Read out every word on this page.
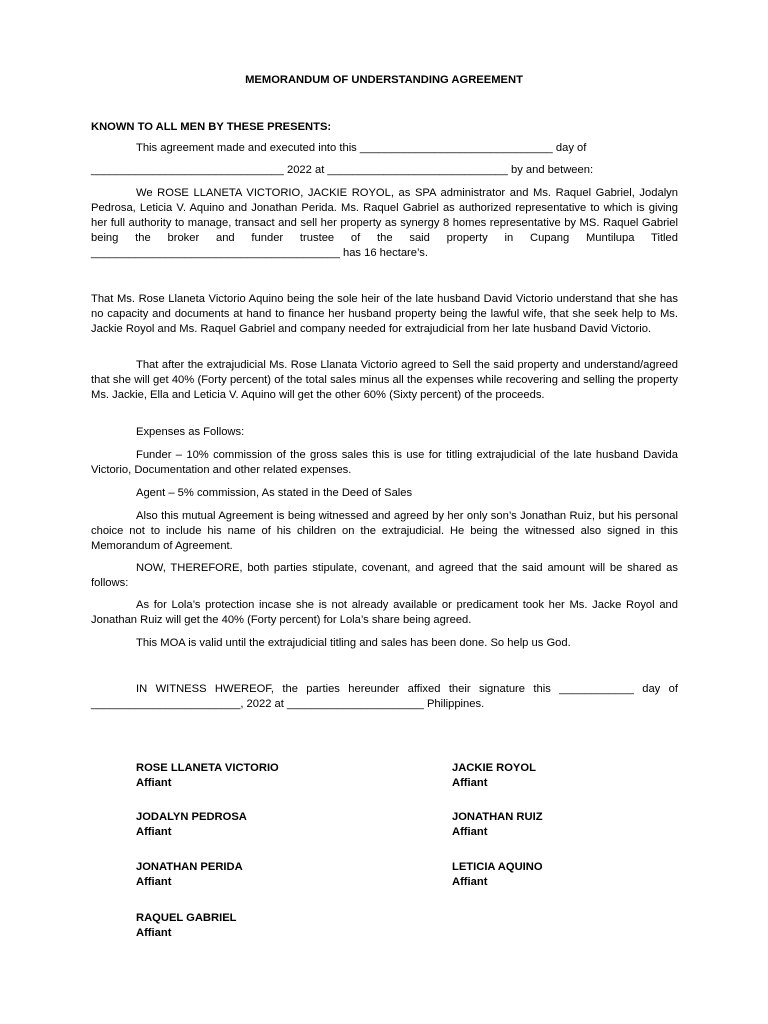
MEMORANDUM OF UNDERSTANDING AGREEMENT
KNOWN TO ALL MEN BY THESE PRESENTS:

This agreement made and executed into this _______________________________ day of

_______________________________ 2022 at _____________________________ by and between:

We ROSE LLANETA VICTORIO, JACKIE ROYOL, as SPA administrator and Ms. Raquel Gabriel, Jodalyn Pedrosa, Leticia V. Aquino and Jonathan Perida. Ms. Raquel Gabriel as authorized representative to which is giving her full authority to manage, transact and sell her property as synergy 8 homes representative by MS. Raquel Gabriel being the broker and funder trustee of the said property in Cupang Muntilupa Titled ________________________________________ has 16 hectare’s.

That Ms. Rose Llaneta Victorio Aquino being the sole heir of the late husband David Victorio understand that she has no capacity and documents at hand to finance her husband property being the lawful wife, that she seek help to Ms. Jackie Royol and Ms. Raquel Gabriel and company needed for extrajudicial from her late husband David Victorio.

That after the extrajudicial Ms. Rose Llanata Victorio agreed to Sell the said property and understand/agreed that she will get 40% (Forty percent) of the total sales minus all the expenses while recovering and selling the property Ms. Jackie, Ella and Leticia V. Aquino will get the other 60% (Sixty percent) of the proceeds.

Expenses as Follows:

Funder – 10% commission of the gross sales this is use for titling extrajudicial of the late husband Davida Victorio, Documentation and other related expenses.

Agent – 5% commission, As stated in the Deed of Sales

Also this mutual Agreement is being witnessed and agreed by her only son’s Jonathan Ruiz, but his personal choice not to include his name of his children on the extrajudicial. He being the witnessed also signed in this Memorandum of Agreement.

NOW, THEREFORE, both parties stipulate, covenant, and agreed that the said amount will be shared as follows:

As for Lola’s protection incase she is not already available or predicament took her Ms. Jacke Royol and Jonathan Ruiz will get the 40% (Forty percent) for Lola’s share being agreed.

This MOA is valid until the extrajudicial titling and sales has been done. So help us God.

IN WITNESS HWEREOF, the parties hereunder affixed their signature this ____________ day of ________________________, 2022 at ______________________ Philippines.

ROSE LLANETA VICTORIO
Affiant
JODALYN PEDROSA
Affiant
JONATHAN PERIDA
Affiant
RAQUEL GABRIEL
Affiant
JACKIE ROYOL
Affiant
JONATHAN RUIZ
Affiant
LETICIA AQUINO
Affiant
